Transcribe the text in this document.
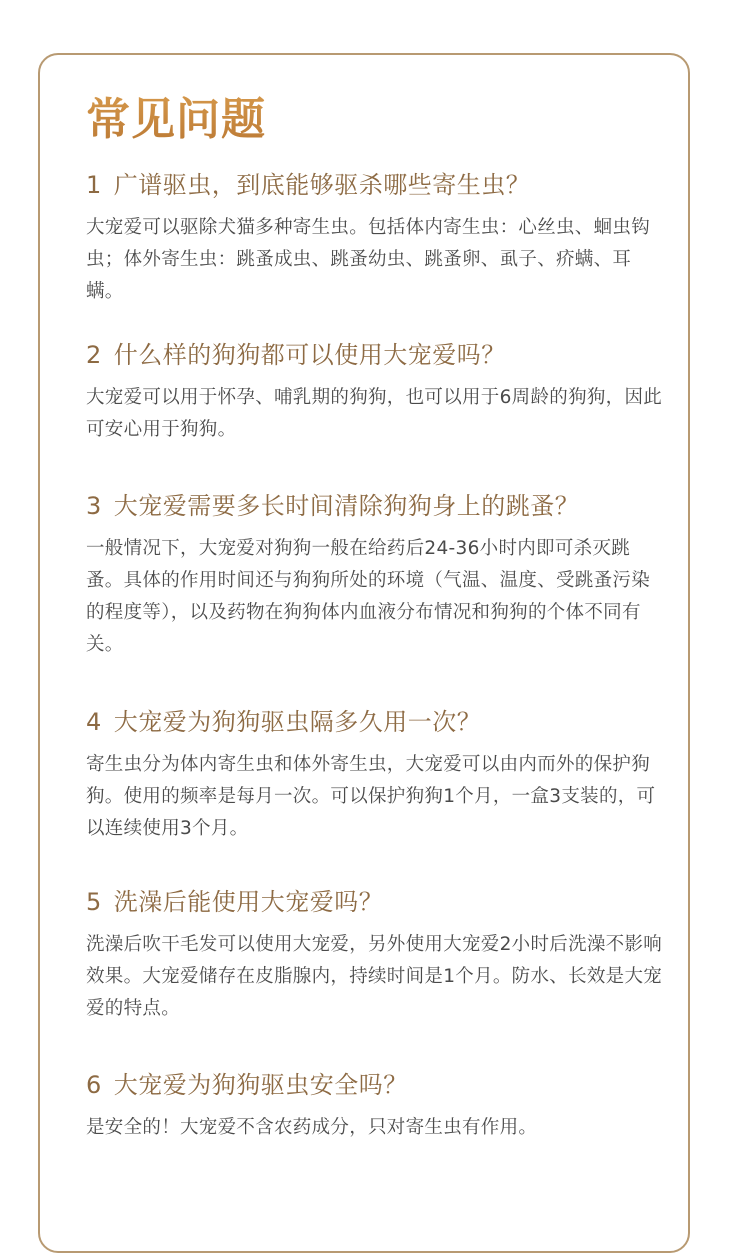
常见问题
1 广谱驱虫，到底能够驱杀哪些寄生虫？
大宠爱可以驱除犬猫多种寄生虫。包括体内寄生虫：心丝虫、蛔虫钩虫；体外寄生虫：跳蚤成虫、跳蚤幼虫、跳蚤卵、虱子、疥螨、耳螨。
2 什么样的狗狗都可以使用大宠爱吗？
大宠爱可以用于怀孕、哺乳期的狗狗，也可以用于6周龄的狗狗，因此可安心用于狗狗。
3 大宠爱需要多长时间清除狗狗身上的跳蚤？
一般情况下，大宠爱对狗狗一般在给药后24-36小时内即可杀灭跳蚤。具体的作用时间还与狗狗所处的环境（气温、温度、受跳蚤污染的程度等），以及药物在狗狗体内血液分布情况和狗狗的个体不同有关。
4 大宠爱为狗狗驱虫隔多久用一次？
寄生虫分为体内寄生虫和体外寄生虫，大宠爱可以由内而外的保护狗狗。使用的频率是每月一次。可以保护狗狗1个月，一盒3支装的，可以连续使用3个月。
5 洗澡后能使用大宠爱吗？
洗澡后吹干毛发可以使用大宠爱，另外使用大宠爱2小时后洗澡不影响效果。大宠爱储存在皮脂腺内，持续时间是1个月。防水、长效是大宠爱的特点。
6 大宠爱为狗狗驱虫安全吗？
是安全的！大宠爱不含农药成分，只对寄生虫有作用。
